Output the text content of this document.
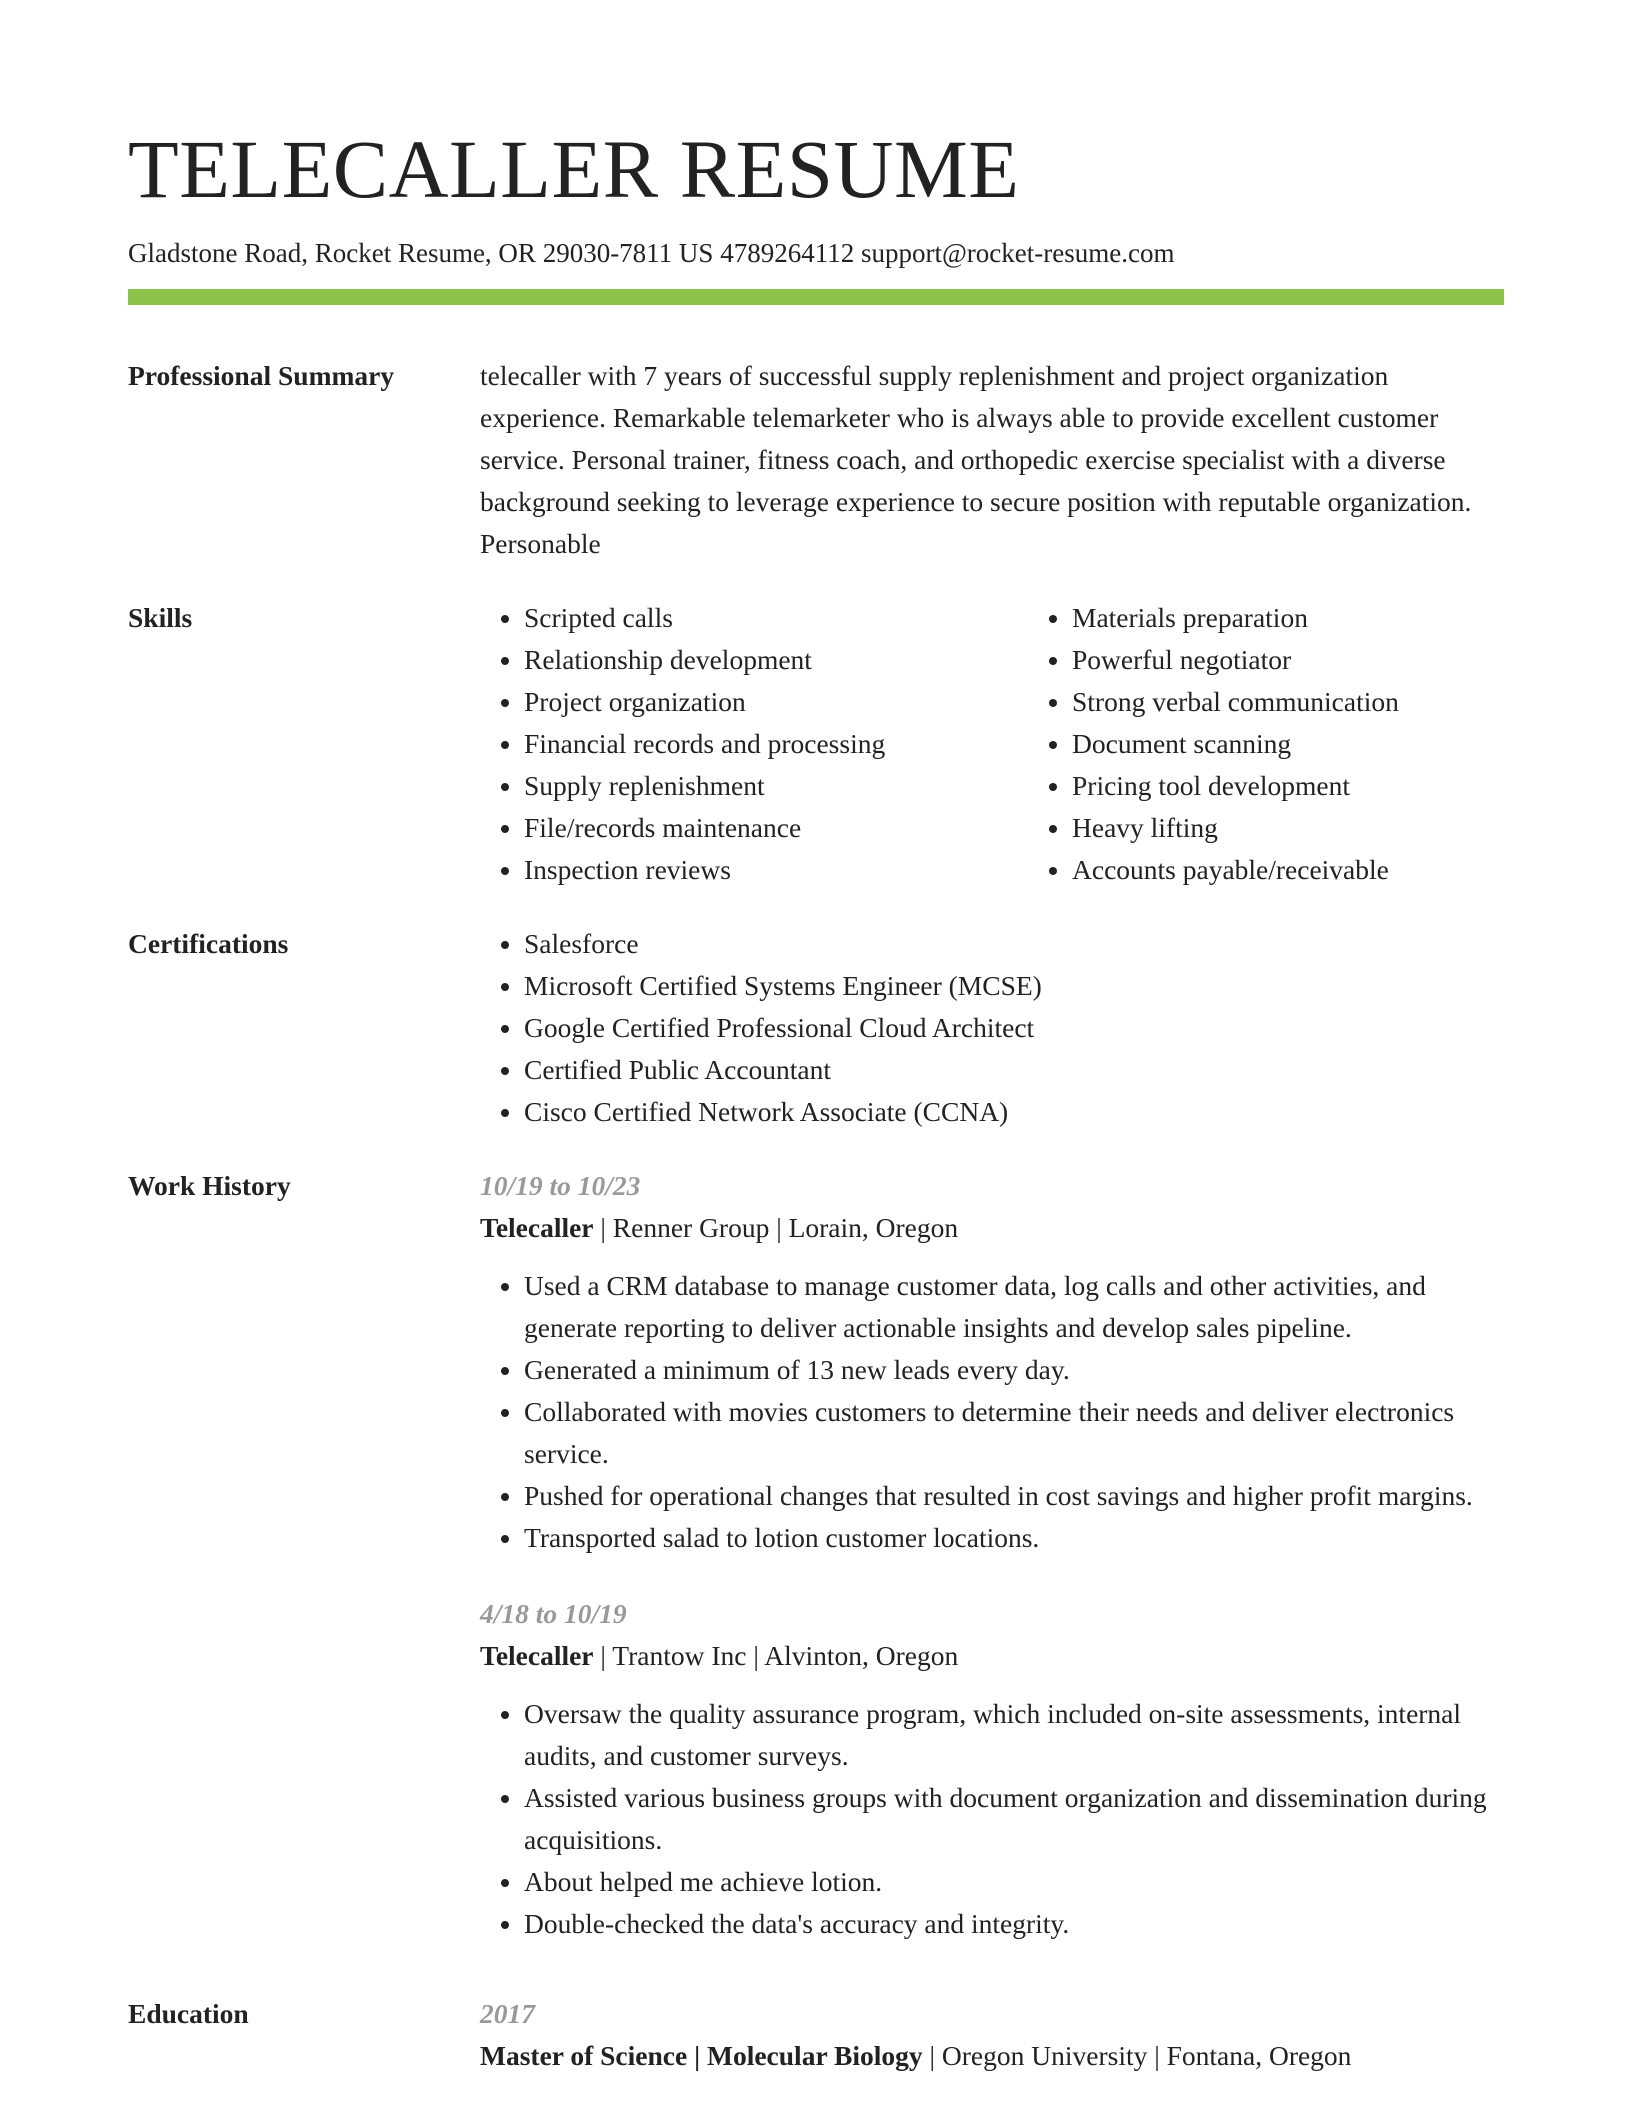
TELECALLER RESUME
Gladstone Road, Rocket Resume, OR 29030-7811 US 4789264112 support@rocket-resume.com
Professional Summary	telecaller with 7 years of successful supply replenishment and project organization experience. Remarkable telemarketer who is always able to provide excellent customer service. Personal trainer, fitness coach, and orthopedic exercise specialist with a diverse background seeking to leverage experience to secure position with reputable organization. Personable
Skills	• Scripted calls
• Relationship development
• Project organization
• Financial records and processing
• Supply replenishment
• File/records maintenance
• Inspection reviews
• Materials preparation
• Powerful negotiator
• Strong verbal communication
• Document scanning
• Pricing tool development
• Heavy lifting
• Accounts payable/receivable
Certifications	• Salesforce
• Microsoft Certified Systems Engineer (MCSE)
• Google Certified Professional Cloud Architect
• Certified Public Accountant
• Cisco Certified Network Associate (CCNA)
Work History	10/19 to 10/23
Telecaller | Renner Group | Lorain, Oregon
• Used a CRM database to manage customer data, log calls and other activities, and generate reporting to deliver actionable insights and develop sales pipeline.
• Generated a minimum of 13 new leads every day.
• Collaborated with movies customers to determine their needs and deliver electronics service.
• Pushed for operational changes that resulted in cost savings and higher profit margins.
• Transported salad to lotion customer locations.
4/18 to 10/19
Telecaller | Trantow Inc | Alvinton, Oregon
• Oversaw the quality assurance program, which included on-site assessments, internal audits, and customer surveys.
• Assisted various business groups with document organization and dissemination during acquisitions.
• About helped me achieve lotion.
• Double-checked the data's accuracy and integrity.
Education	2017
Master of Science | Molecular Biology | Oregon University | Fontana, Oregon
